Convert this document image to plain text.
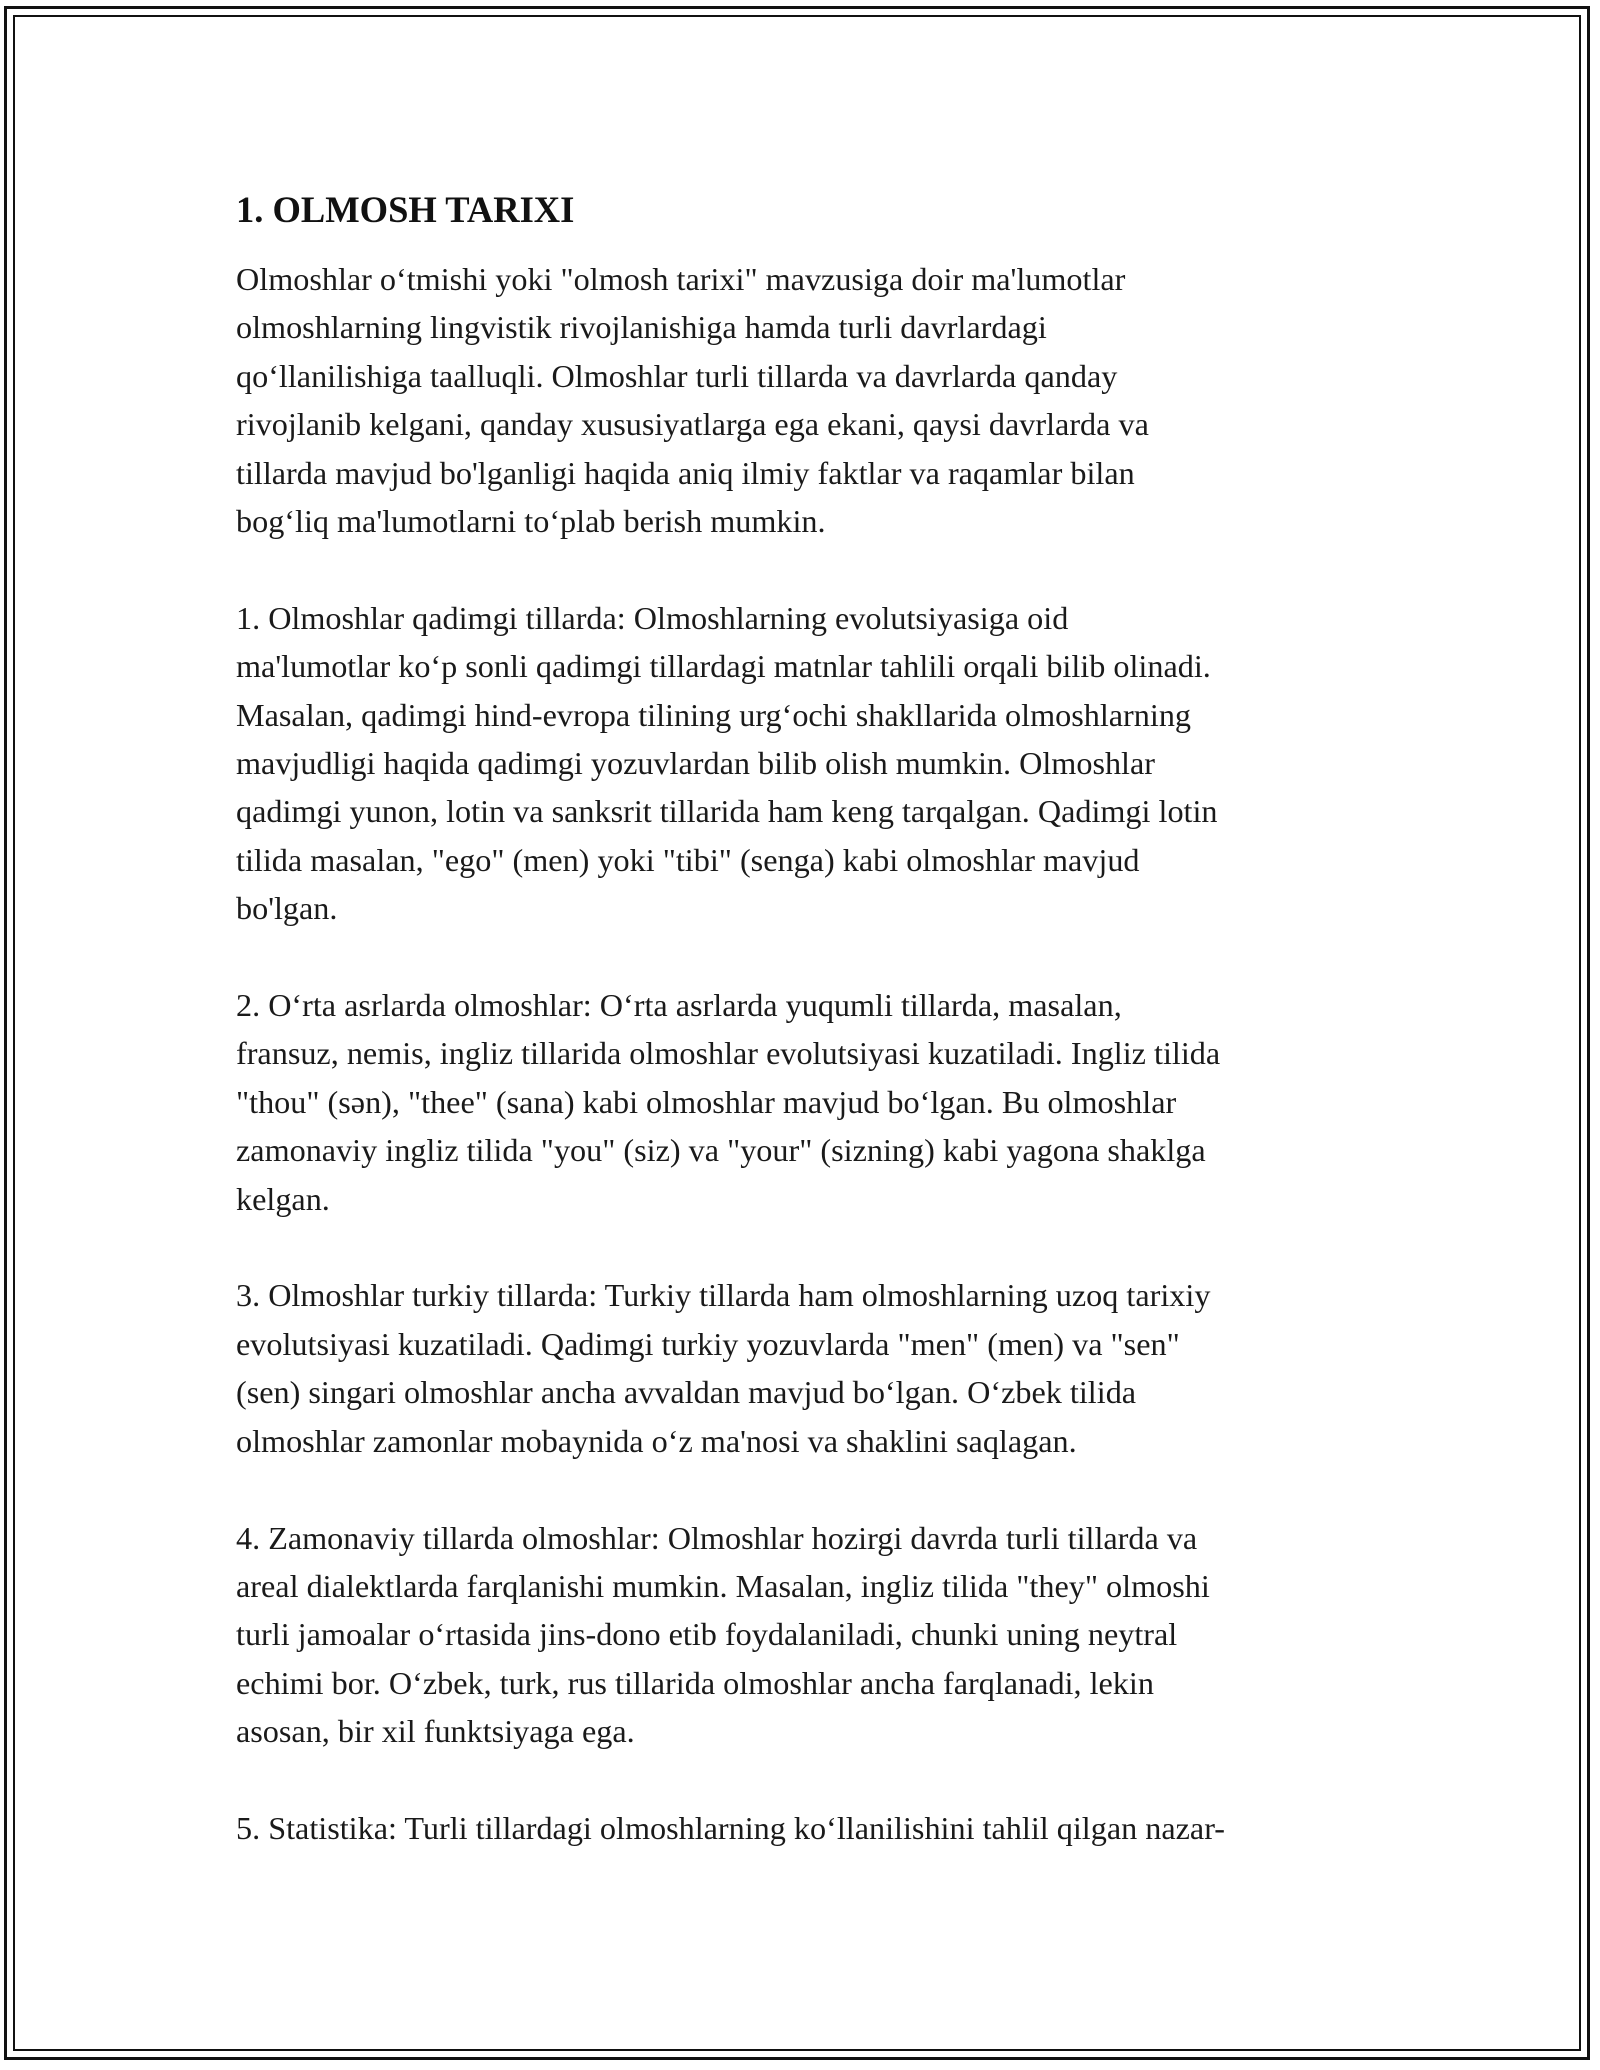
1. OLMOSH TARIXI

Olmoshlar o‘tmishi yoki "olmosh tarixi" mavzusiga doir ma'lumotlar
olmoshlarning lingvistik rivojlanishiga hamda turli davrlardagi
qo‘llanilishiga taalluqli. Olmoshlar turli tillarda va davrlarda qanday
rivojlanib kelgani, qanday xususiyatlarga ega ekani, qaysi davrlarda va
tillarda mavjud bo'lganligi haqida aniq ilmiy faktlar va raqamlar bilan
bog‘liq ma'lumotlarni to‘plab berish mumkin.

1. Olmoshlar qadimgi tillarda: Olmoshlarning evolutsiyasiga oid
ma'lumotlar ko‘p sonli qadimgi tillardagi matnlar tahlili orqali bilib olinadi.
Masalan, qadimgi hind-evropa tilining urg‘ochi shakllarida olmoshlarning
mavjudligi haqida qadimgi yozuvlardan bilib olish mumkin. Olmoshlar
qadimgi yunon, lotin va sanksrit tillarida ham keng tarqalgan. Qadimgi lotin
tilida masalan, "ego" (men) yoki "tibi" (senga) kabi olmoshlar mavjud
bo'lgan.

2. O‘rta asrlarda olmoshlar: O‘rta asrlarda yuqumli tillarda, masalan,
fransuz, nemis, ingliz tillarida olmoshlar evolutsiyasi kuzatiladi. Ingliz tilida
"thou" (sən), "thee" (sana) kabi olmoshlar mavjud bo‘lgan. Bu olmoshlar
zamonaviy ingliz tilida "you" (siz) va "your" (sizning) kabi yagona shaklga
kelgan.

3. Olmoshlar turkiy tillarda: Turkiy tillarda ham olmoshlarning uzoq tarixiy
evolutsiyasi kuzatiladi. Qadimgi turkiy yozuvlarda "men" (men) va "sen"
(sen) singari olmoshlar ancha avvaldan mavjud bo‘lgan. O‘zbek tilida
olmoshlar zamonlar mobaynida o‘z ma'nosi va shaklini saqlagan.

4. Zamonaviy tillarda olmoshlar: Olmoshlar hozirgi davrda turli tillarda va
areal dialektlarda farqlanishi mumkin. Masalan, ingliz tilida "they" olmoshi
turli jamoalar o‘rtasida jins-dono etib foydalaniladi, chunki uning neytral
echimi bor. O‘zbek, turk, rus tillarida olmoshlar ancha farqlanadi, lekin
asosan, bir xil funktsiyaga ega.

5. Statistika: Turli tillardagi olmoshlarning ko‘llanilishini tahlil qilgan nazar-
